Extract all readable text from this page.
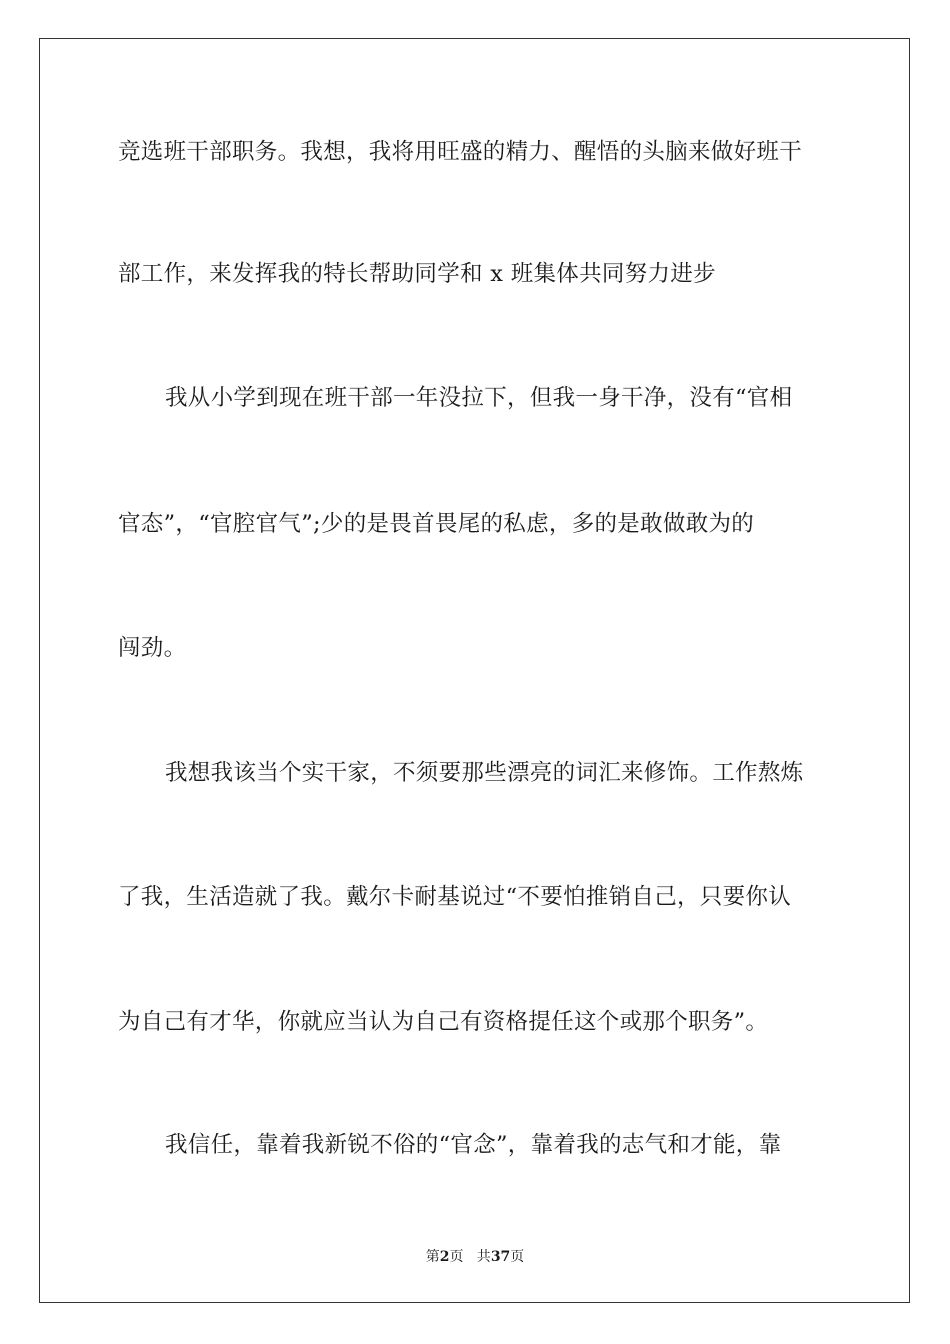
竞选班干部职务。我想，我将用旺盛的精力、醒悟的头脑来做好班干
部工作，来发挥我的特长帮助同学和 x 班集体共同努力进步
我从小学到现在班干部一年没拉下，但我一身干净，没有“官相
官态”，“官腔官气”;少的是畏首畏尾的私虑，多的是敢做敢为的
闯劲。
我想我该当个实干家，不须要那些漂亮的词汇来修饰。工作熬炼
了我，生活造就了我。戴尔卡耐基说过“不要怕推销自己，只要你认
为自己有才华，你就应当认为自己有资格提任这个或那个职务”。
我信任，靠着我新锐不俗的“官念”，靠着我的志气和才能，靠
第2页   共37页
